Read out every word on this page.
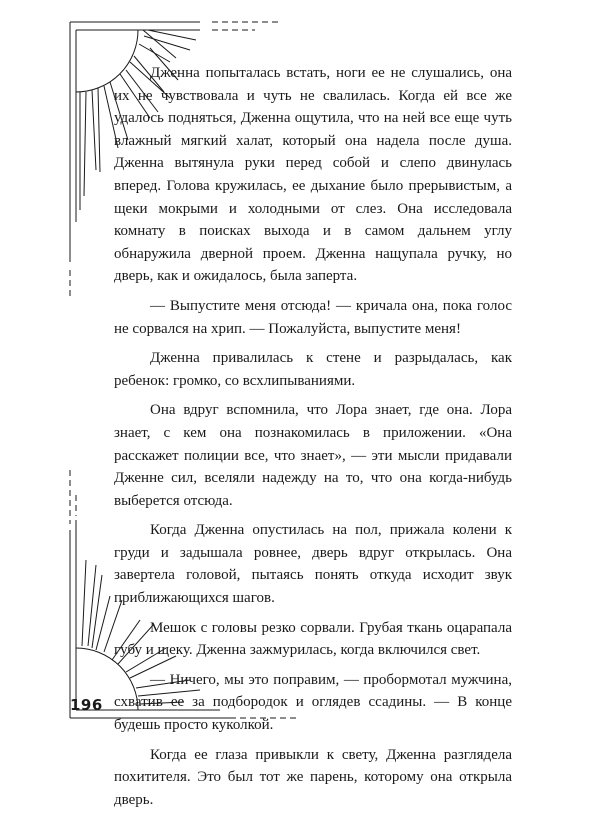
Дженна попыталась встать, ноги ее не слушались, она их не чувствовала и чуть не свалилась. Когда ей все же удалось подняться, Дженна ощутила, что на ней все еще чуть влажный мягкий халат, который она надела после душа. Дженна вытянула руки перед собой и слепо двинулась вперед. Голова кружилась, ее дыхание было прерывистым, а щеки мокрыми и холодными от слез. Она исследовала комнату в поисках выхода и в самом дальнем углу обнаружила дверной проем. Дженна нащупала ручку, но дверь, как и ожидалось, была заперта.

— Выпустите меня отсюда! — кричала она, пока голос не сорвался на хрип. — Пожалуйста, выпустите меня!

Дженна привалилась к стене и разрыдалась, как ребенок: громко, со всхлипываниями.

Она вдруг вспомнила, что Лора знает, где она. Лора знает, с кем она познакомилась в приложении. «Она расскажет полиции все, что знает», — эти мысли придавали Дженне сил, вселяли надежду на то, что она когда-нибудь выберется отсюда.

Когда Дженна опустилась на пол, прижала колени к груди и задышала ровнее, дверь вдруг открылась. Она завертела головой, пытаясь понять откуда исходит звук приближающихся шагов.

Мешок с головы резко сорвали. Грубая ткань оцарапала губу и щеку. Дженна зажмурилась, когда включился свет.

— Ничего, мы это поправим, — пробормотал мужчина, схватив ее за подбородок и оглядев ссадины. — В конце будешь просто куколкой.

Когда ее глаза привыкли к свету, Дженна разглядела похитителя. Это был тот же парень, которому она открыла дверь.

196
